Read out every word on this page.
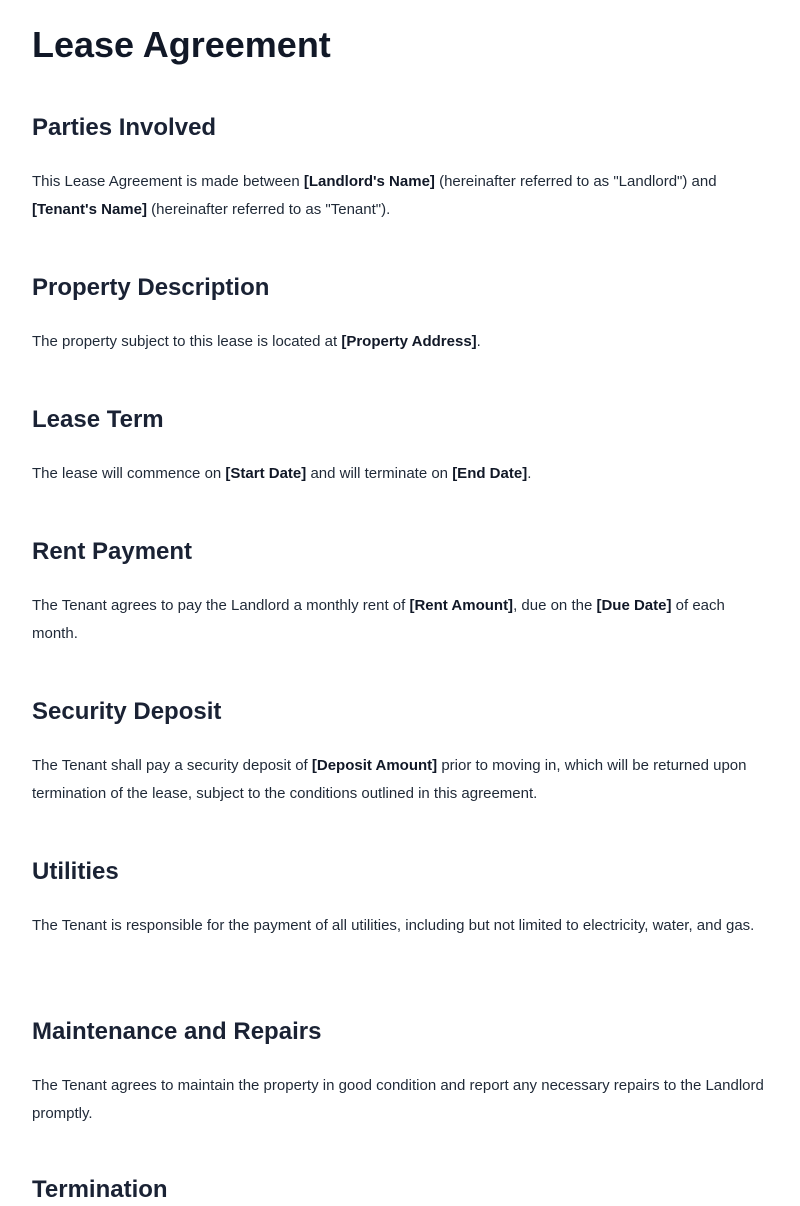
Lease Agreement
Parties Involved

This Lease Agreement is made between [Landlord's Name] (hereinafter referred to as "Landlord") and [Tenant's Name] (hereinafter referred to as "Tenant").

Property Description

The property subject to this lease is located at [Property Address].

Lease Term

The lease will commence on [Start Date] and will terminate on [End Date].

Rent Payment

The Tenant agrees to pay the Landlord a monthly rent of [Rent Amount], due on the [Due Date] of each month.

Security Deposit

The Tenant shall pay a security deposit of [Deposit Amount] prior to moving in, which will be returned upon termination of the lease, subject to the conditions outlined in this agreement.

Utilities

The Tenant is responsible for the payment of all utilities, including but not limited to electricity, water, and gas.

Maintenance and Repairs

The Tenant agrees to maintain the property in good condition and report any necessary repairs to the Landlord promptly.

Termination
